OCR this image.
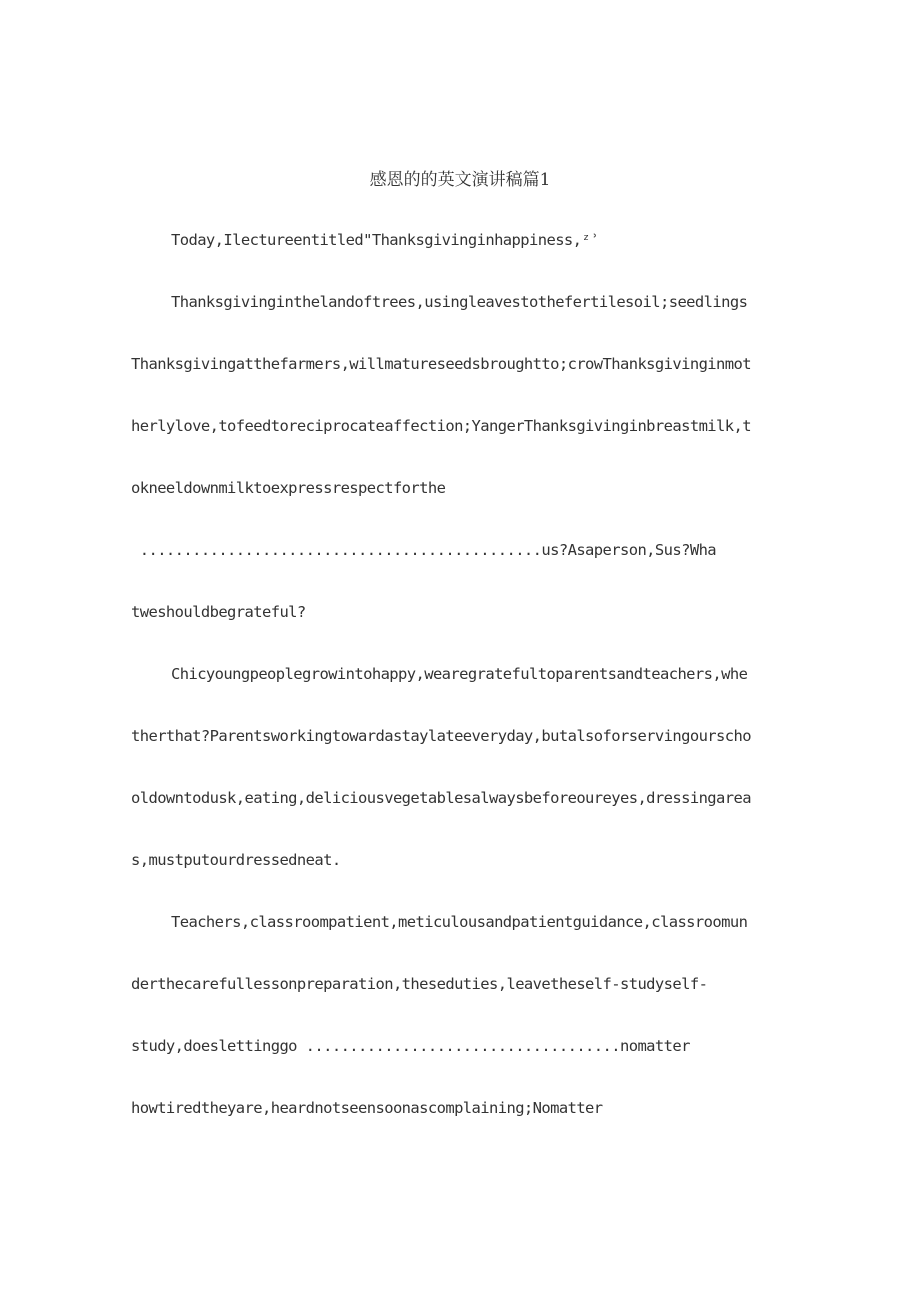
感恩的的英文演讲稿篇1
Today,Ilectureentitled"Thanksgivinginhappiness,ᶻʾ
Thanksgivinginthelandoftrees,usingleavestothefertilesoil;seedlings
Thanksgivingatthefarmers,willmatureseedsbroughtto;crowThanksgivinginmot
herlylove,tofeedtoreciprocateaffection;YangerThanksgivinginbreastmilk,t
okneeldownmilktoexpressrespectforthe
..............................................us?Asaperson,Sus?Wha
tweshouldbegrateful?
Chicyoungpeoplegrowintohappy,wearegratefultoparentsandteachers,whe
therthat?Parentsworkingtowardastaylateeveryday,butalsoforservingourscho
oldowntodusk,eating,deliciousvegetablesalwaysbeforeoureyes,dressingarea
s,mustputourdressedneat.
Teachers,classroompatient,meticulousandpatientguidance,classroomun
derthecarefullessonpreparation,theseduties,leavetheself-studyself-
study,doeslettinggo ....................................nomatter
howtiredtheyare,heardnotseensoonascomplaining;Nomatter
